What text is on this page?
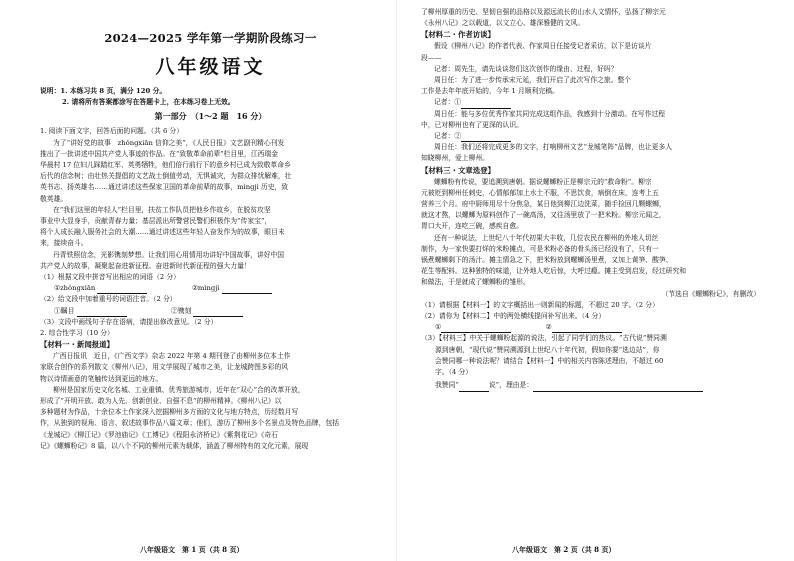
2024—2025 学年第一学期阶段练习一
八年级语文
说明：1. 本练习共 8 页，满分 120 分。
2. 请将所有答案都涂写在答题卡上，在本练习卷上无效。
第一部分　（1～2 题　16 分）
1. 阅读下面文字，回答后面的问题。（共 6 分）
为了“讲好党的故事　zhǒngxiān 信仰之美”，《人民日报》文艺副刊精心刊发
推出了一批讲述中国共产党人事迹的作品。在“致敬革命前辈”栏目里，江西瑞金
华晨村 17 位妇儿踩踏红军、英勇牺牲，他们倍行前行下的意乡村已成为致敬革命乡
后代的信念树；由壮热关提倡的文艺战士倒值劳动，无惧诚灾，为群众排忧解难，壮
英书志、扬英雄名……通过讲述这些保家卫国的革命前辈的故事，mìngjì 历史，致
敬英雄。
在“我们这里的年轻人”栏目里，扶贫工作队员把他乡作故乡，在脱贫攻坚
事业中大显身手，贡献青春力量；基层派出所警营民警们积极作为“传家宝”，
将个人成长融入服务社会的大潮……通过讲述这些年轻人奋发作为的故事，眼目未
来，接续奋斗。
丹青铁照信念，光影镌刻梦想。让我们用心用情用功讲好中国故事，讲好中国
共产党人的故事，凝聚起奋进新征程、奋进新时代新征程的强大力量！
（1）根据文段中拼音写出相应的词语（2 分）
①zhǒngxiān	②mìngjì
（2）给文段中加着重号的词语注音。（2 分）
①瞩目	②镌刻
（3）文段中画线句子存在语病，请提出修改意见。（2 分）
2. 综合性学习（10 分）
【材料一・新闻报道】
广西日报讯　近日，《广西文学》杂志 2022 年第 4 期刊登了由柳州多位本土作
家联合创作的系列散文《柳州八记》，用文学展现了城市之美，让龙城跨图多彩的风
物以诗情画意的笔触传达到更远的地方。
柳州是国家历史文化名城、工业重镇、优秀旅游城市，近年在“双心”合的改革开放，
形成了“开明开放、敢为人先、创新创业、自强不息”的柳州精神。《柳州八记》以
多种题材为作品，十余位本土作家深入挖掘柳州多方面的文化与地方特点，历经数月写
作，从独到的视角、语言、叙述故事作品八篇文章；他们，游历了柳州多个名景点及特色品牌，包括
《龙城记》《柳江记》《罗池庙记》《工博记》《程阳永济桥记》《紫荆花记》《奇石
记》《螺蛳粉记》8 篇，以八个不同的柳州元素为载体，涵盖了柳州特有的文化元素，展现
八年级语文　第 1 页（共 8 页）
了柳州厚重的历史、坚韧自强的品格以及源远流长的山水人文情怀，弘扬了柳宗元
《永州八记》之以载道、以文立心、雄深雅健的文风。
【材料二・作者访谈】
假设《柳州八记》的作者代表、作家周日任接受记者采访，以下是访谈片
段——
记者：周先生，请先谈谈您们这次创作的缘由、过程，好吗？
周日任：为了进一步传承宋元延，我们开启了此次写作之旅。整个
工作是去年年底开始的，今年 1 月顺利完稿。
记者：①
周日任：能与多位优秀作家共同完成这组作品，我感到十分激动。在写作过程
中，已对柳州也有了更深的认识。
记者：②
周日任：我们还将完成更多的文字，打响柳州文艺“龙城笔阵”品牌，也让更多人
知晓柳州，爱上柳州。
【材料三・文章选登】
螺蛳粉有传说，要追溯到唐朝。据说螺蛳粉正是柳宗元的“救命粉”。柳宗
元被贬到柳州任刺史，心情郁郁加上水土不服，不思饮食，病倒在床，连考上五
营养三个月。府中厨师用尽十分焦急，某日他到柳江边洗菜，随手捡回几颗螺蛳，
就这才熬，以螺蛳为原料创作了一碗高汤，又往汤里放了一把米粉。柳宗元闻之，
胃口大开，连吃三碗，感疾自愈。
还有一种说法，上世纪八十年代初果大丰收，几位农民在柳州的外地人切丝
制作，为一家快要打烊的米粉摊点，可是米粉必备的骨头汤已经没有了，只有一
锅煮螺蛳剩下的汤汁。摊主情急之下，把米粉放到螺蛳汤里煮，又加上黄笋、酸笋、
花生等配料。这种独特的味道，让外地人吃后惊，大呼过瘾。摊主受到启发，经过研究和
和做法，于是就成了螺蛳粉的雏形。
（节选自《螺蛳粉记》，有删改）
（1）请根据【材料一】的文字概括出一则新闻的标题，不超过 20 字。（2 分）
（2）请你为【材料二】中的两处横线提问补写出来。（4 分）
①	②
（3）【材料三】中关于螺蛳粉起源的说法，引起了同学们的热议。“古代说”赞同溯
源到唐朝，“现代说”赞同溯源到上世纪八十年代初，假如你要“选边站”，你
会赞同哪一种说法呢？请结合【材料一】中的相关内容陈述理由，不超过 60
字。（4 分）
我赞同“	说”，理由是：
八年级语文　第 2 页（共 8 页）
